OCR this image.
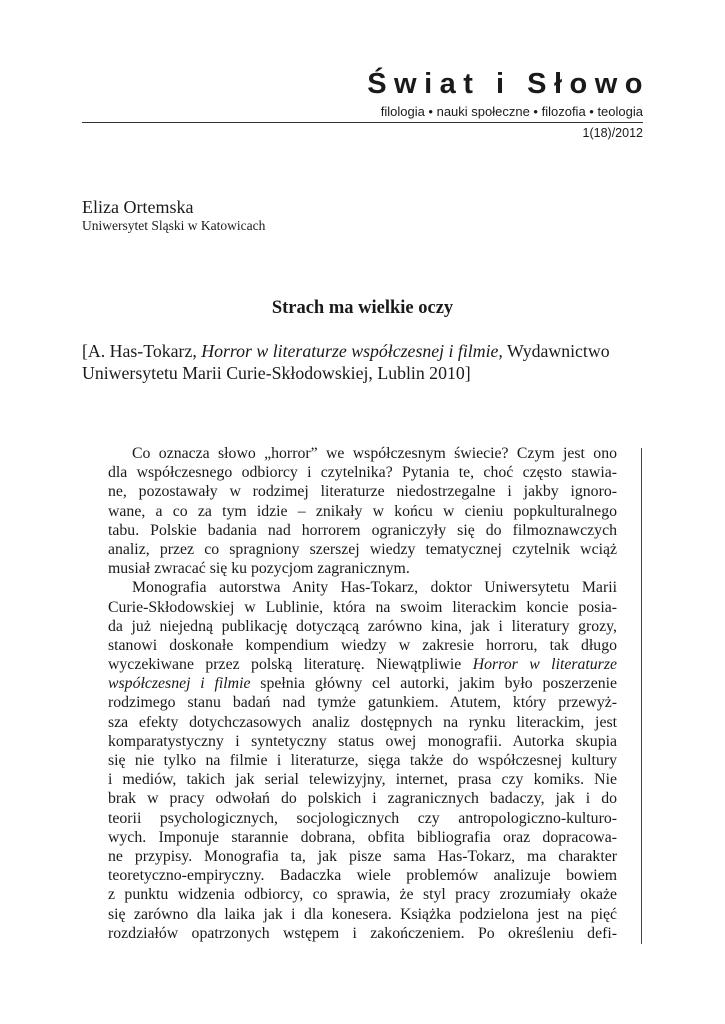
Świat i Słowo
filologia • nauki społeczne • filozofia • teologia
1(18)/2012
Eliza Ortemska
Uniwersytet Sląski w Katowicach
Strach ma wielkie oczy
[A. Has-Tokarz, Horror w literaturze współczesnej i filmie, Wydawnictwo
Uniwersytetu Marii Curie-Skłodowskiej, Lublin 2010]
Co oznacza słowo „horror” we współczesnym świecie? Czym jest ono
dla współczesnego odbiorcy i czytelnika? Pytania te, choć często stawia-
ne, pozostawały w rodzimej literaturze niedostrzegalne i jakby ignoro-
wane, a co za tym idzie – znikały w końcu w cieniu popkulturalnego
tabu. Polskie badania nad horrorem ograniczyły się do filmoznawczych
analiz, przez co spragniony szerszej wiedzy tematycznej czytelnik wciąż
musiał zwracać się ku pozycjom zagranicznym.
Monografia autorstwa Anity Has-Tokarz, doktor Uniwersytetu Marii
Curie-Skłodowskiej w Lublinie, która na swoim literackim koncie posia-
da już niejedną publikację dotyczącą zarówno kina, jak i literatury grozy,
stanowi doskonałe kompendium wiedzy w zakresie horroru, tak długo
wyczekiwane przez polską literaturę. Niewątpliwie Horror w literaturze
współczesnej i filmie spełnia główny cel autorki, jakim było poszerzenie
rodzimego stanu badań nad tymże gatunkiem. Atutem, który przewyż-
sza efekty dotychczasowych analiz dostępnych na rynku literackim, jest
komparatystyczny i syntetyczny status owej monografii. Autorka skupia
się nie tylko na filmie i literaturze, sięga także do współczesnej kultury
i mediów, takich jak serial telewizyjny, internet, prasa czy komiks. Nie
brak w pracy odwołań do polskich i zagranicznych badaczy, jak i do
teorii psychologicznych, socjologicznych czy antropologiczno-kulturo-
wych. Imponuje starannie dobrana, obfita bibliografia oraz dopracowa-
ne przypisy. Monografia ta, jak pisze sama Has-Tokarz, ma charakter
teoretyczno-empiryczny. Badaczka wiele problemów analizuje bowiem
z punktu widzenia odbiorcy, co sprawia, że styl pracy zrozumiały okaże
się zarówno dla laika jak i dla konesera. Książka podzielona jest na pięć
rozdziałów opatrzonych wstępem i zakończeniem. Po określeniu defi-
